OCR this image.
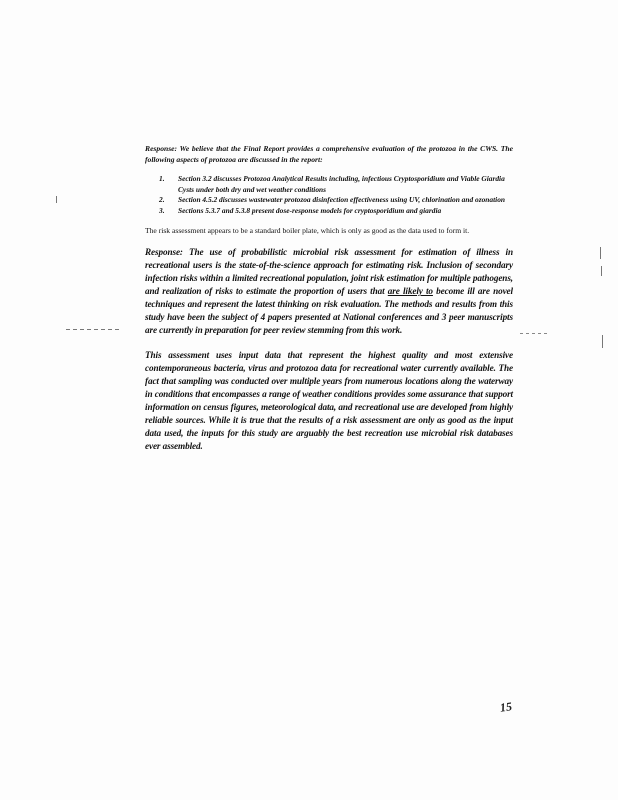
Response: We believe that the Final Report provides a comprehensive evaluation of the protozoa in the CWS. The following aspects of protozoa are discussed in the report:

1. Section 3.2 discusses Protozoa Analytical Results including, infectious Cryptosporidium and Viable Giardia Cysts under both dry and wet weather conditions
2. Section 4.5.2 discusses wastewater protozoa disinfection effectiveness using UV, chlorination and ozonation
3. Sections 5.3.7 and 5.3.8 present dose-response models for cryptosporidium and giardia

The risk assessment appears to be a standard boiler plate, which is only as good as the data used to form it.

Response: The use of probabilistic microbial risk assessment for estimation of illness in recreational users is the state-of-the-science approach for estimating risk. Inclusion of secondary infection risks within a limited recreational population, joint risk estimation for multiple pathogens, and realization of risks to estimate the proportion of users that are likely to become ill are novel techniques and represent the latest thinking on risk evaluation. The methods and results from this study have been the subject of 4 papers presented at National conferences and 3 peer manuscripts are currently in preparation for peer review stemming from this work.

This assessment uses input data that represent the highest quality and most extensive contemporaneous bacteria, virus and protozoa data for recreational water currently available. The fact that sampling was conducted over multiple years from numerous locations along the waterway in conditions that encompasses a range of weather conditions provides some assurance that support information on census figures, meteorological data, and recreational use are developed from highly reliable sources. While it is true that the results of a risk assessment are only as good as the input data used, the inputs for this study are arguably the best recreation use microbial risk databases ever assembled.

15
